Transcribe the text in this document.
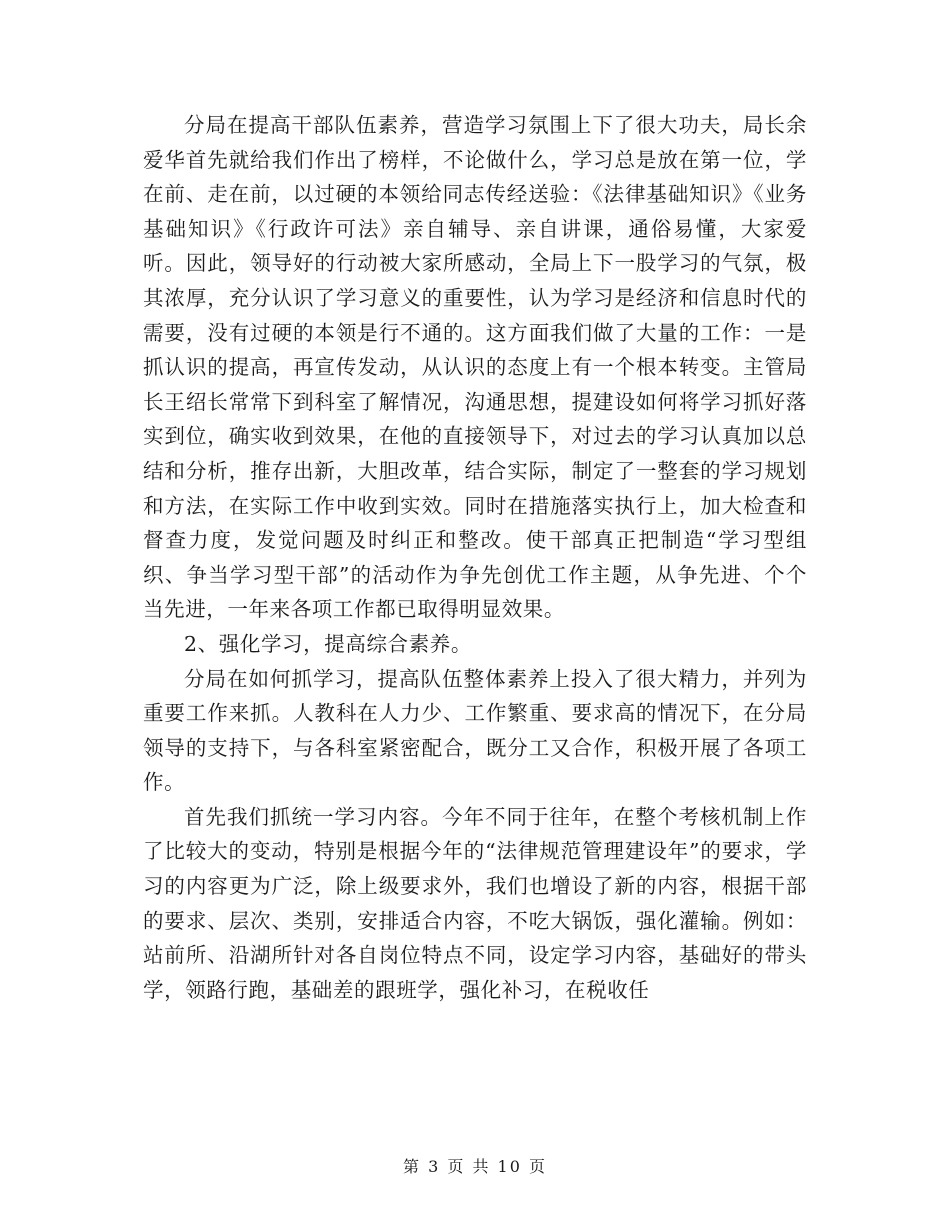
分局在提高干部队伍素养，营造学习氛围上下了很大功夫，局长余爱华首先就给我们作出了榜样，不论做什么，学习总是放在第一位，学在前、走在前，以过硬的本领给同志传经送验：《法律基础知识》《业务基础知识》《行政许可法》亲自辅导、亲自讲课，通俗易懂，大家爱听。因此，领导好的行动被大家所感动，全局上下一股学习的气氛，极其浓厚，充分认识了学习意义的重要性，认为学习是经济和信息时代的需要，没有过硬的本领是行不通的。这方面我们做了大量的工作：一是抓认识的提高，再宣传发动，从认识的态度上有一个根本转变。主管局长王绍长常常下到科室了解情况，沟通思想，提建设如何将学习抓好落实到位，确实收到效果，在他的直接领导下，对过去的学习认真加以总结和分析，推存出新，大胆改革，结合实际，制定了一整套的学习规划和方法，在实际工作中收到实效。同时在措施落实执行上，加大检查和督查力度，发觉问题及时纠正和整改。使干部真正把制造“学习型组织、争当学习型干部”的活动作为争先创优工作主题，从争先进、个个当先进，一年来各项工作都已取得明显效果。

2、强化学习，提高综合素养。

分局在如何抓学习，提高队伍整体素养上投入了很大精力，并列为重要工作来抓。人教科在人力少、工作繁重、要求高的情况下，在分局领导的支持下，与各科室紧密配合，既分工又合作，积极开展了各项工作。

首先我们抓统一学习内容。今年不同于往年，在整个考核机制上作了比较大的变动，特别是根据今年的“法律规范管理建设年”的要求，学习的内容更为广泛，除上级要求外，我们也增设了新的内容，根据干部的要求、层次、类别，安排适合内容，不吃大锅饭，强化灌输。例如：站前所、沿湖所针对各自岗位特点不同，设定学习内容，基础好的带头学，领路行跑，基础差的跟班学，强化补习，在税收任

第 3 页 共 10 页
